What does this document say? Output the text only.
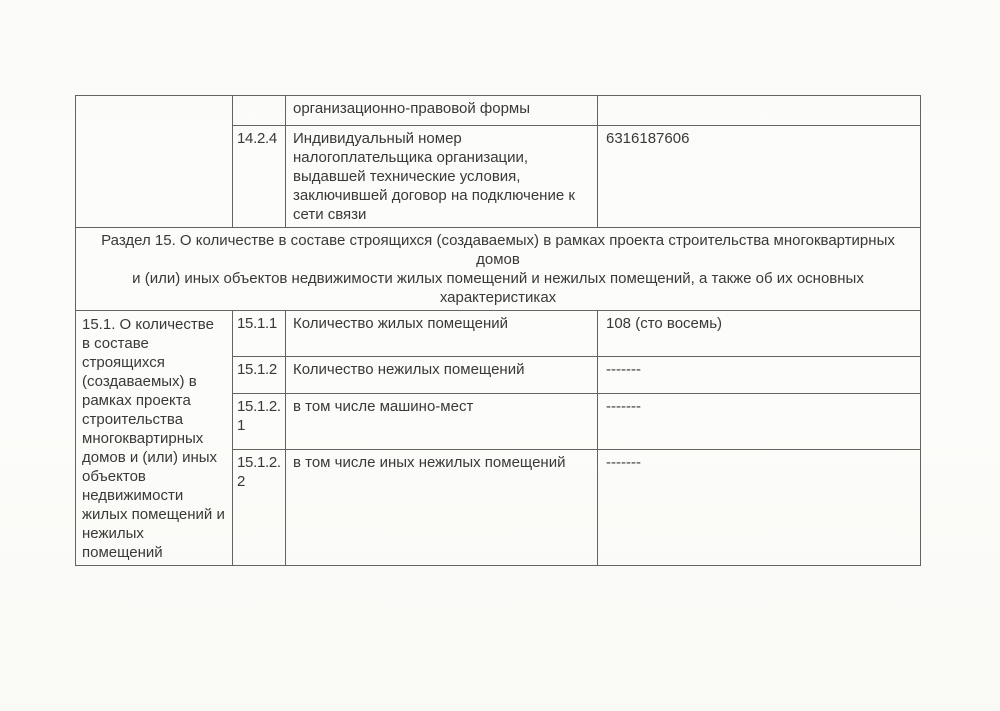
		организационно-правовой формы	
	14.2.4	Индивидуальный номер налогоплательщика организации, выдавшей технические условия, заключившей договор на подключение к сети связи	6316187606

Раздел 15. О количестве в составе строящихся (создаваемых) в рамках проекта строительства многоквартирных домов
и (или) иных объектов недвижимости жилых помещений и нежилых помещений, а также об их основных характеристиках			

15.1. О количестве в составе строящихся (создаваемых) в рамках проекта строительства многоквартирных домов и (или) иных объектов недвижимости жилых помещений и нежилых помещений	15.1.1	Количество жилых помещений	108 (сто восемь)
	15.1.2	Количество нежилых помещений	-------
	15.1.2.1	в том числе машино-мест	-------
	15.1.2.2	в том числе иных нежилых помещений	-------
